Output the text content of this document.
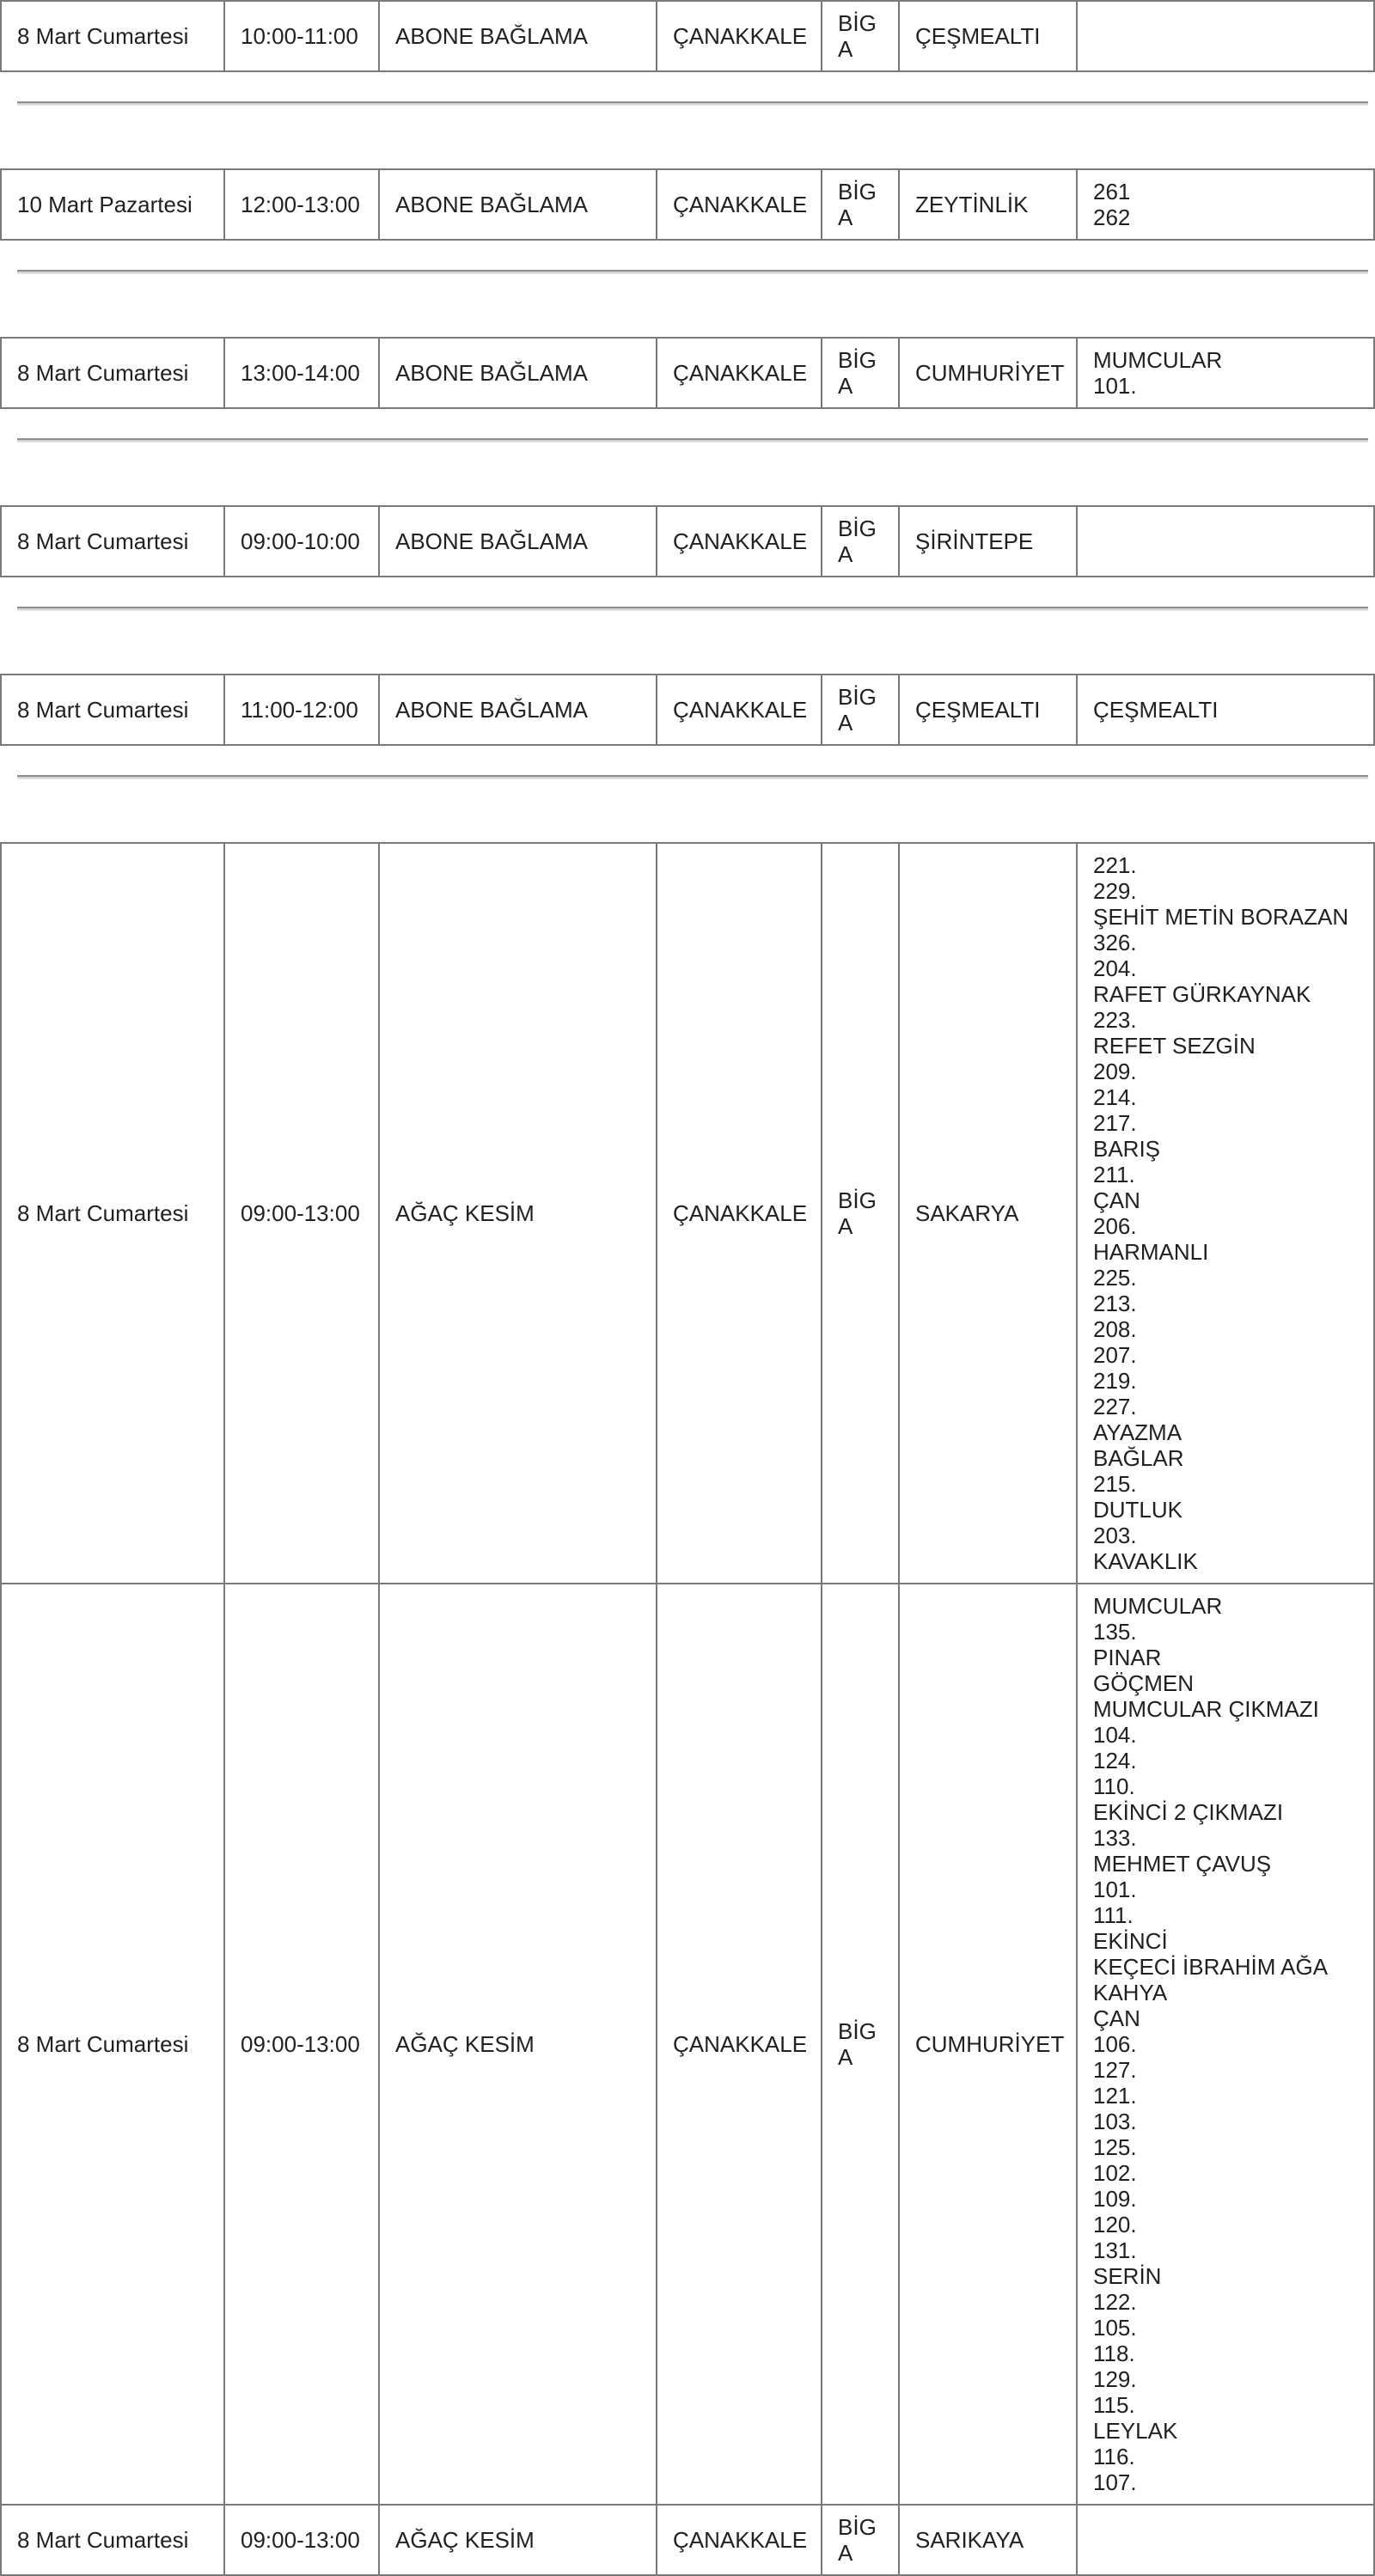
8 Mart Cumartesi	10:00-11:00	ABONE BAĞLAMA	ÇANAKKALE	BİGA	ÇEŞMEALTI	
10 Mart Pazartesi	12:00-13:00	ABONE BAĞLAMA	ÇANAKKALE	BİGA	ZEYTİNLİK	261
262
8 Mart Cumartesi	13:00-14:00	ABONE BAĞLAMA	ÇANAKKALE	BİGA	CUMHURİYET	MUMCULAR
101.
8 Mart Cumartesi	09:00-10:00	ABONE BAĞLAMA	ÇANAKKALE	BİGA	ŞİRİNTEPE	
8 Mart Cumartesi	11:00-12:00	ABONE BAĞLAMA	ÇANAKKALE	BİGA	ÇEŞMEALTI	ÇEŞMEALTI
8 Mart Cumartesi	09:00-13:00	AĞAÇ KESİM	ÇANAKKALE	BİGA	SAKARYA	
221.
229.
ŞEHİT METİN BORAZAN
326.
204.
RAFET GÜRKAYNAK
223.
REFET SEZGİN
209.
214.
217.
BARIŞ
211.
ÇAN
206.
HARMANLI
225.
213.
208.
207.
219.
227.
AYAZMA
BAĞLAR
215.
DUTLUK
203.
KAVAKLIK
8 Mart Cumartesi	09:00-13:00	AĞAÇ KESİM	ÇANAKKALE	BİGA	CUMHURİYET	
MUMCULAR
135.
PINAR
GÖÇMEN
MUMCULAR ÇIKMAZI
104.
124.
110.
EKİNCİ 2 ÇIKMAZI
133.
MEHMET ÇAVUŞ
101.
111.
EKİNCİ
KEÇECİ İBRAHİM AĞA
KAHYA
ÇAN
106.
127.
121.
103.
125.
102.
109.
120.
131.
SERİN
122.
105.
118.
129.
115.
LEYLAK
116.
107.
8 Mart Cumartesi	09:00-13:00	AĞAÇ KESİM	ÇANAKKALE	BİGA	SARIKAYA	
